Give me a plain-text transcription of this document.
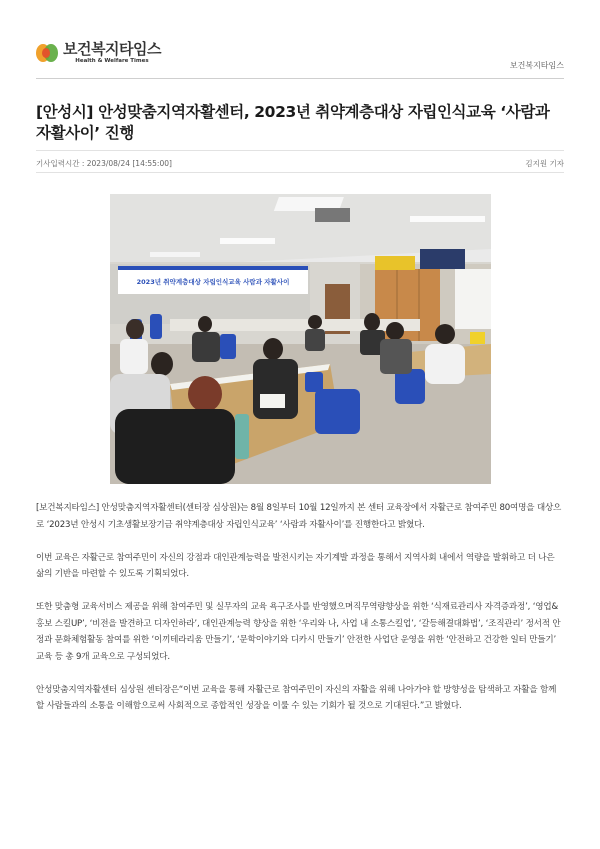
보건복지타임스
Health & Welfare Times	보건복지타임스
[안성시] 안성맞춤지역자활센터, 2023년 취약계층대상 자립인식교육 ‘사람과 자활사이’ 진행
기사입력시간 : 2023/08/24 [14:55:00]	김지원 기자
2023년 취약계층대상 자립인식교육 사람과 자활사이

[보건복지타임스] 안성맞춤지역자활센터(센터장 심상원)는 8월 8일부터 10월 12일까지 본 센터 교육장에서 자활근로 참여주민 80여명을 대상으로 ‘2023년 안성시 기초생활보장기금 취약계층대상 자립인식교육’ ‘사람과 자활사이’를 진행한다고 밝혔다.

이번 교육은 자활근로 참여주민이 자신의 강점과 대인관계능력을 발전시키는 자기계발 과정을 통해서 지역사회 내에서 역량을 발휘하고 더 나은 삶의 기반을 마련할 수 있도록 기획되었다.

또한 맞춤형 교육서비스 제공을 위해 참여주민 및 실무자의 교육 욕구조사를 반영했으며직무역량향상을 위한 ‘식재료관리사 자격증과정’, ‘영업&홍보 스킬UP’, ‘비전을 발견하고 디자인하라’, 대인관계능력 향상을 위한 ‘우리와 나, 사업 내 소통스킬업’, ‘갈등해결대화법’, ‘조직관리’ 정서적 안정과 문화체험활동 참여를 위한 ‘이끼테라리움 만들기’, ‘문학이야기와 디카시 만들기’ 안전한 사업단 운영을 위한 ‘안전하고 건강한 일터 만들기’ 교육 등 총 9개 교육으로 구성되었다.

안성맞춤지역자활센터 심상원 센터장은“이번 교육을 통해 자활근로 참여주민이 자신의 자활을 위해 나아가야 할 방향성을 탐색하고 자활을 함께할 사람들과의 소통을 이해함으로써 사회적으로 종합적인 성장을 이룰 수 있는 기회가 될 것으로 기대된다.”고 밝혔다.
